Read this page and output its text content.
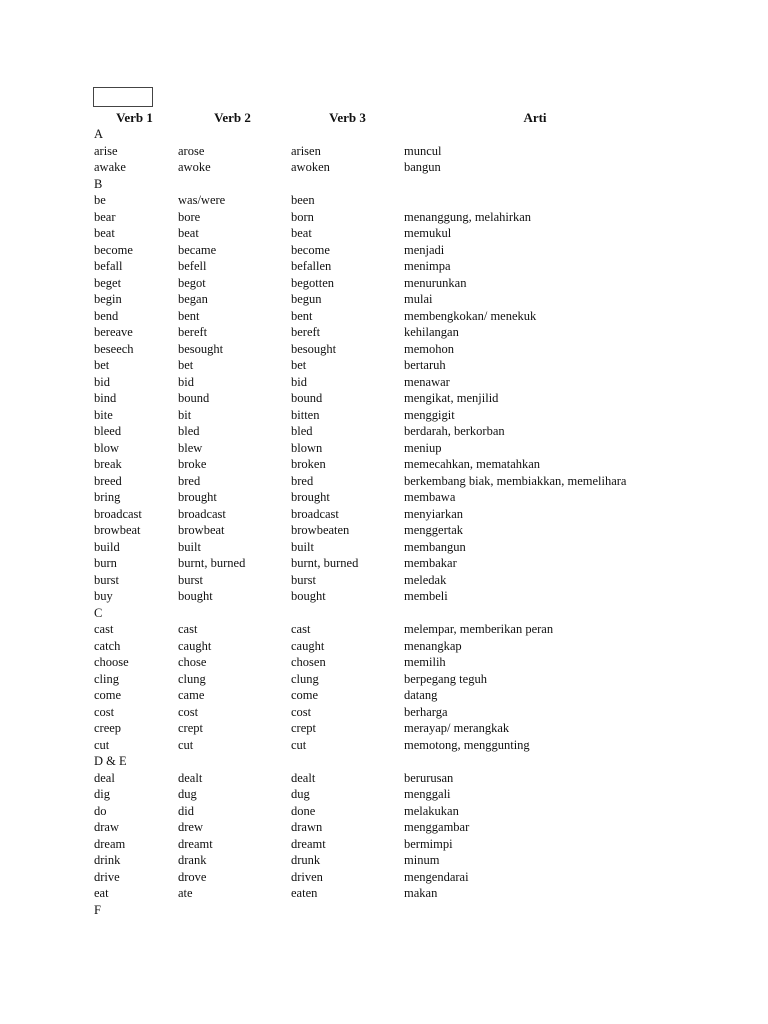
Verb 1	Verb 2	Verb 3	Arti
A
arise	arose	arisen	muncul
awake	awoke	awoken	bangun
B
be	was/were	been
bear	bore	born	menanggung, melahirkan
beat	beat	beat	memukul
become	became	become	menjadi
befall	befell	befallen	menimpa
beget	begot	begotten	menurunkan
begin	began	begun	mulai
bend	bent	bent	membengkokan/ menekuk
bereave	bereft	bereft	kehilangan
beseech	besought	besought	memohon
bet	bet	bet	bertaruh
bid	bid	bid	menawar
bind	bound	bound	mengikat, menjilid
bite	bit	bitten	menggigit
bleed	bled	bled	berdarah, berkorban
blow	blew	blown	meniup
break	broke	broken	memecahkan, mematahkan
breed	bred	bred	berkembang biak, membiakkan, memelihara
bring	brought	brought	membawa
broadcast	broadcast	broadcast	menyiarkan
browbeat	browbeat	browbeaten	menggertak
build	built	built	membangun
burn	burnt, burned	burnt, burned	membakar
burst	burst	burst	meledak
buy	bought	bought	membeli
C
cast	cast	cast	melempar, memberikan peran
catch	caught	caught	menangkap
choose	chose	chosen	memilih
cling	clung	clung	berpegang teguh
come	came	come	datang
cost	cost	cost	berharga
creep	crept	crept	merayap/ merangkak
cut	cut	cut	memotong, menggunting
D & E
deal	dealt	dealt	berurusan
dig	dug	dug	menggali
do	did	done	melakukan
draw	drew	drawn	menggambar
dream	dreamt	dreamt	bermimpi
drink	drank	drunk	minum
drive	drove	driven	mengendarai
eat	ate	eaten	makan
F
